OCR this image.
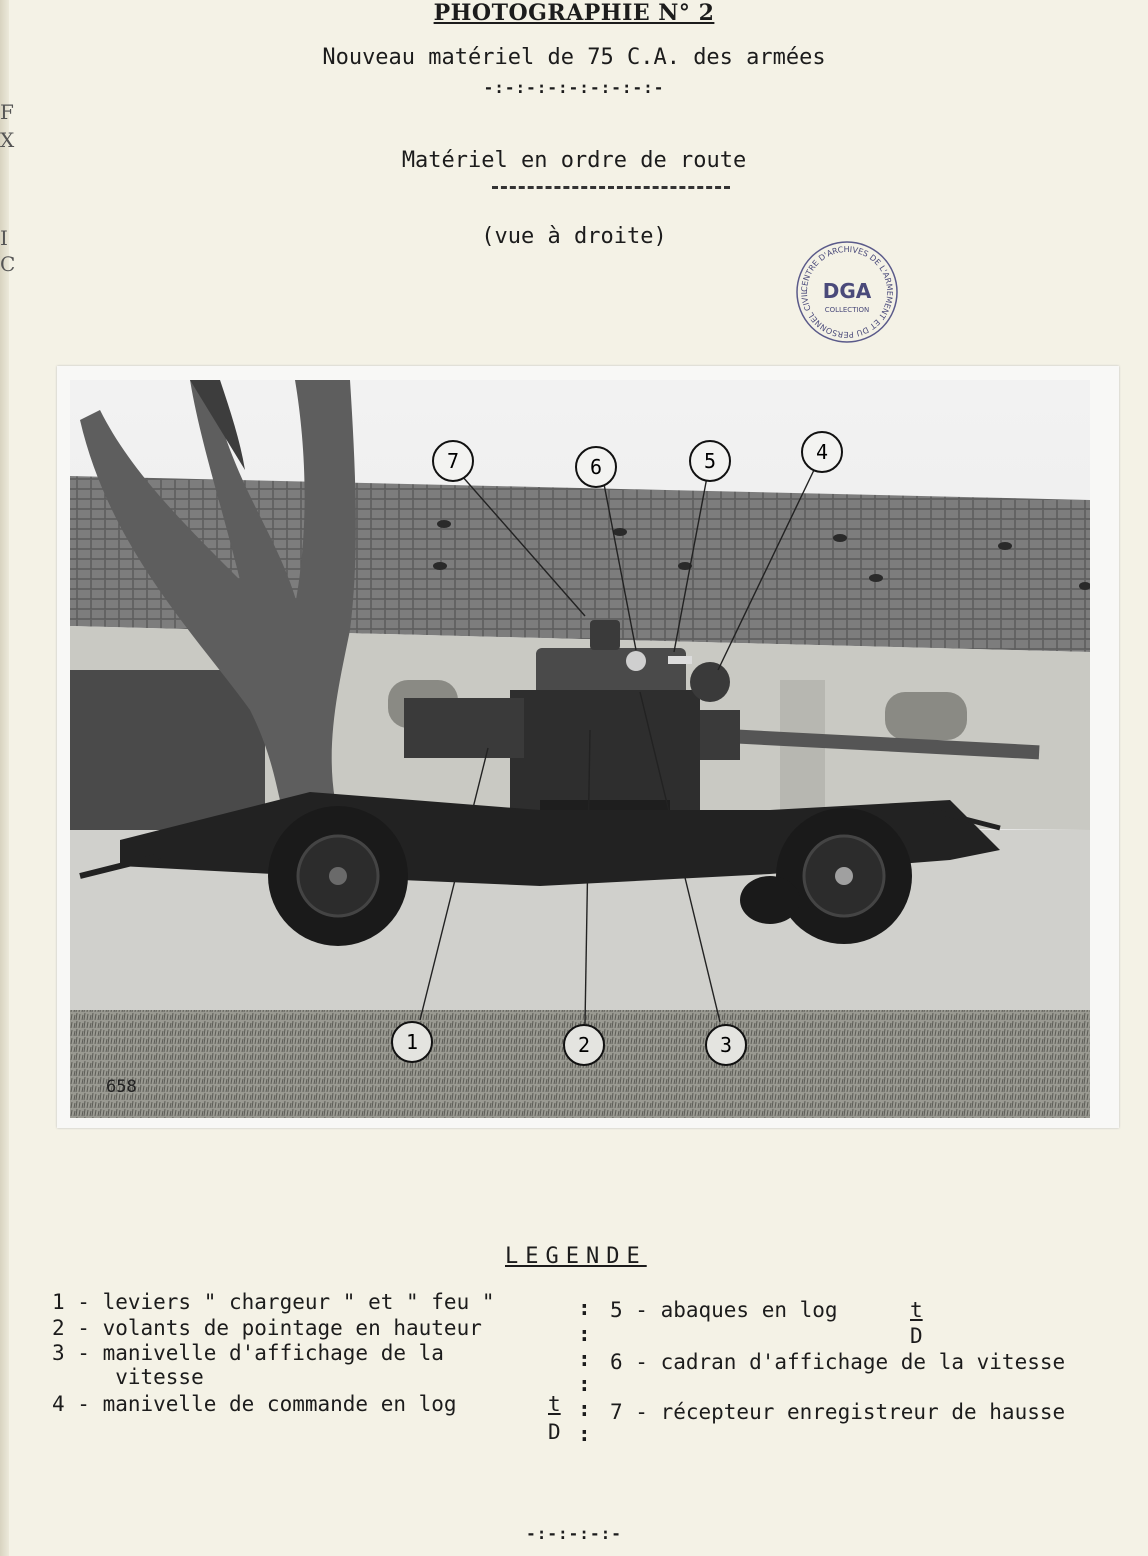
F
X
I
C
PHOTOGRAPHIE N° 2
Nouveau matériel de 75 C.A. des armées
-:-:-:-:-:-:-:-:-
Matériel en ordre de route
(vue à droite)
CENTRE D'ARCHIVES DE L'ARMEMENT ET DU PERSONNEL CIVIL DGA
COLLECTION
7	6	5	4
1	2	3
658
LEGENDE
1 - leviers " chargeur " et " feu "
2 - volants de pointage en hauteur
3 - manivelle d'affichage de la
vitesse
4 - manivelle de commande en log	t
D
:
:
:
:
:
:
5 - abaques en log	t
D
6 - cadran d'affichage de la vitesse
7 - récepteur enregistreur de hausse
-:-:-:-:-
